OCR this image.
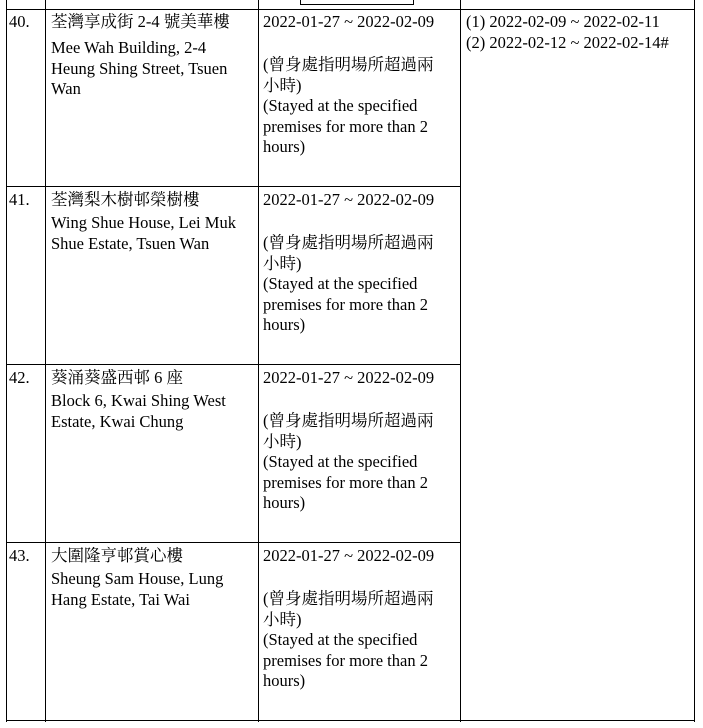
40. 荃灣享成街 2-4 號美華樓
Mee Wah Building, 2-4
Heung Shing Street, Tsuen
Wan
2022-01-27 ~ 2022-02-09
(曾身處指明場所超過兩
小時)
(Stayed at the specified
premises for more than 2
hours)
41. 荃灣梨木樹邨榮樹樓
Wing Shue House, Lei Muk
Shue Estate, Tsuen Wan
2022-01-27 ~ 2022-02-09
(曾身處指明場所超過兩
小時)
(Stayed at the specified
premises for more than 2
hours)
42. 葵涌葵盛西邨 6 座
Block 6, Kwai Shing West
Estate, Kwai Chung
2022-01-27 ~ 2022-02-09
(曾身處指明場所超過兩
小時)
(Stayed at the specified
premises for more than 2
hours)
43. 大圍隆亨邨賞心樓
Sheung Sam House, Lung
Hang Estate, Tai Wai
2022-01-27 ~ 2022-02-09
(曾身處指明場所超過兩
小時)
(Stayed at the specified
premises for more than 2
hours)
(1) 2022-02-09 ~ 2022-02-11
(2) 2022-02-12 ~ 2022-02-14#
